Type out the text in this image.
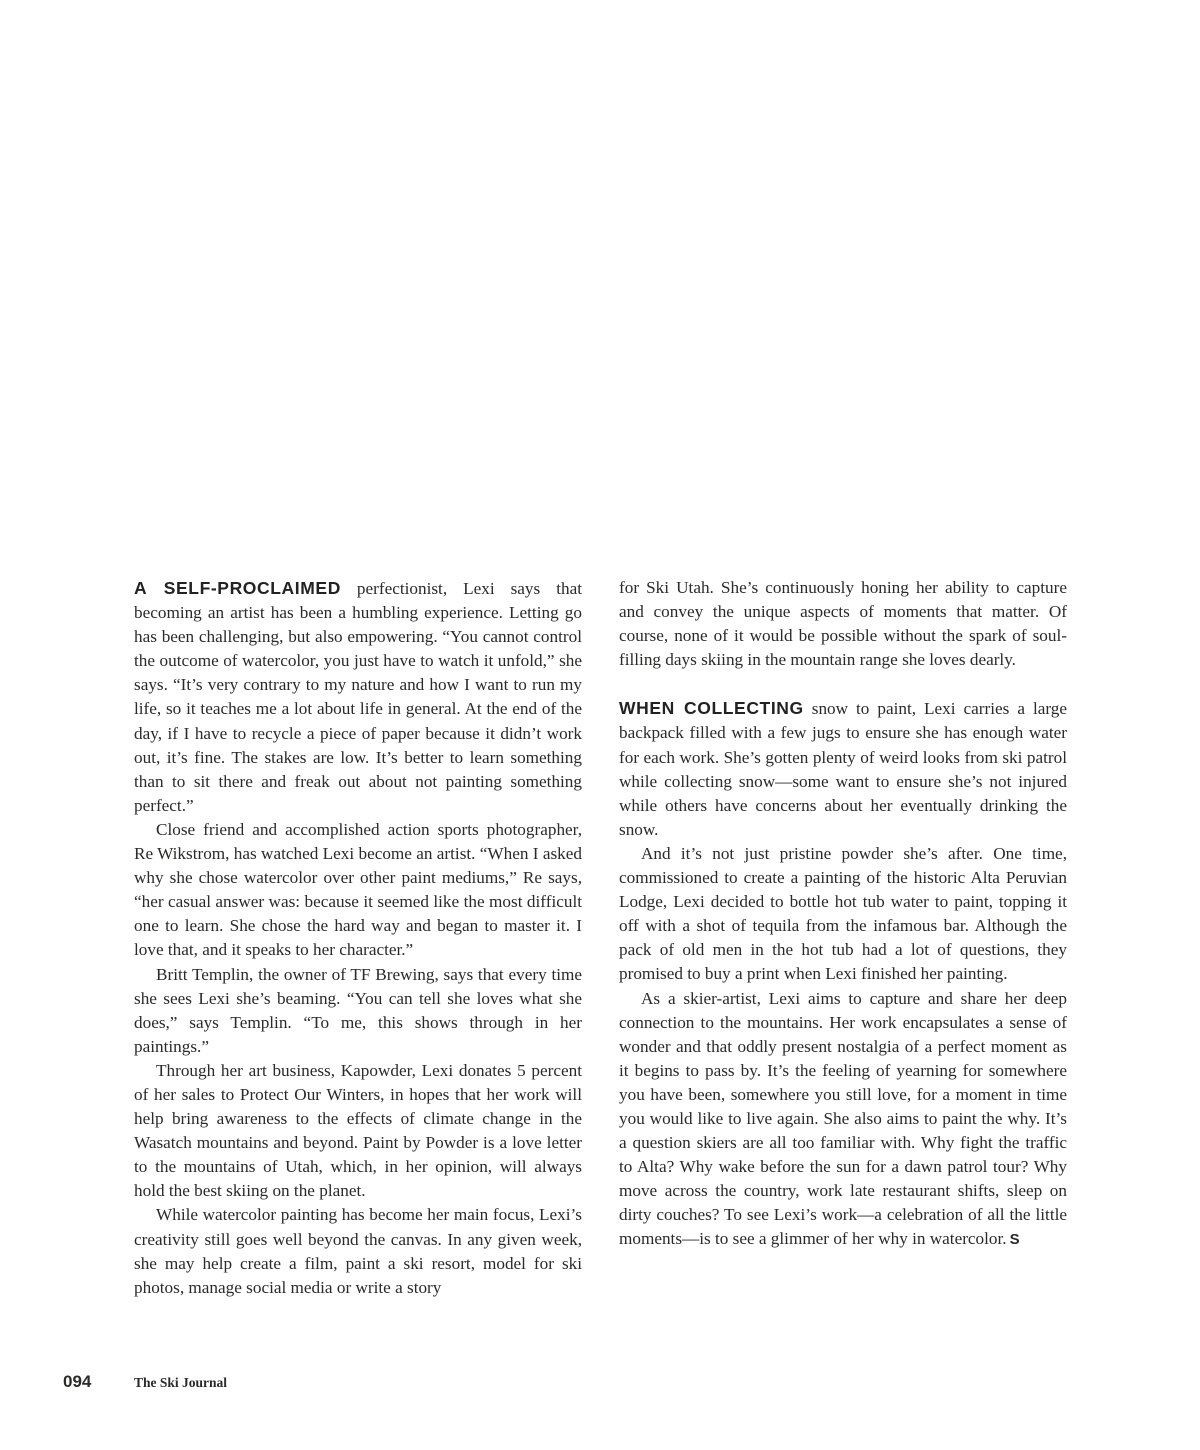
A SELF-PROCLAIMED perfectionist, Lexi says that becoming an artist has been a humbling experience. Letting go has been challenging, but also empowering. “You cannot control the outcome of watercolor, you just have to watch it unfold,” she says. “It’s very contrary to my nature and how I want to run my life, so it teaches me a lot about life in general. At the end of the day, if I have to recycle a piece of paper because it didn’t work out, it’s fine. The stakes are low. It’s better to learn something than to sit there and freak out about not painting something perfect.”

Close friend and accomplished action sports photographer, Re Wikstrom, has watched Lexi become an artist. “When I asked why she chose watercolor over other paint mediums,” Re says, “her casual answer was: because it seemed like the most difficult one to learn. She chose the hard way and began to master it. I love that, and it speaks to her character.”

Britt Templin, the owner of TF Brewing, says that every time she sees Lexi she’s beaming. “You can tell she loves what she does,” says Templin. “To me, this shows through in her paintings.”

Through her art business, Kapowder, Lexi donates 5 percent of her sales to Protect Our Winters, in hopes that her work will help bring awareness to the effects of climate change in the Wasatch mountains and beyond. Paint by Powder is a love letter to the mountains of Utah, which, in her opinion, will always hold the best skiing on the planet.

While watercolor painting has become her main focus, Lexi’s creativity still goes well beyond the canvas. In any given week, she may help create a film, paint a ski resort, model for ski photos, manage social media or write a story

for Ski Utah. She’s continuously honing her ability to capture and convey the unique aspects of moments that matter. Of course, none of it would be possible without the spark of soul-filling days skiing in the mountain range she loves dearly.

WHEN COLLECTING snow to paint, Lexi carries a large backpack filled with a few jugs to ensure she has enough water for each work. She’s gotten plenty of weird looks from ski patrol while collecting snow—some want to ensure she’s not injured while others have concerns about her eventually drinking the snow.

And it’s not just pristine powder she’s after. One time, commissioned to create a painting of the historic Alta Peruvian Lodge, Lexi decided to bottle hot tub water to paint, topping it off with a shot of tequila from the infamous bar. Although the pack of old men in the hot tub had a lot of questions, they promised to buy a print when Lexi finished her painting.

As a skier-artist, Lexi aims to capture and share her deep connection to the mountains. Her work encapsulates a sense of wonder and that oddly present nostalgia of a perfect moment as it begins to pass by. It’s the feeling of yearning for somewhere you have been, somewhere you still love, for a moment in time you would like to live again. She also aims to paint the why. It’s a question skiers are all too familiar with. Why fight the traffic to Alta? Why wake before the sun for a dawn patrol tour? Why move across the country, work late restaurant shifts, sleep on dirty couches? To see Lexi’s work—a celebration of all the little moments—is to see a glimmer of her why in watercolor. S

094	The Ski Journal
